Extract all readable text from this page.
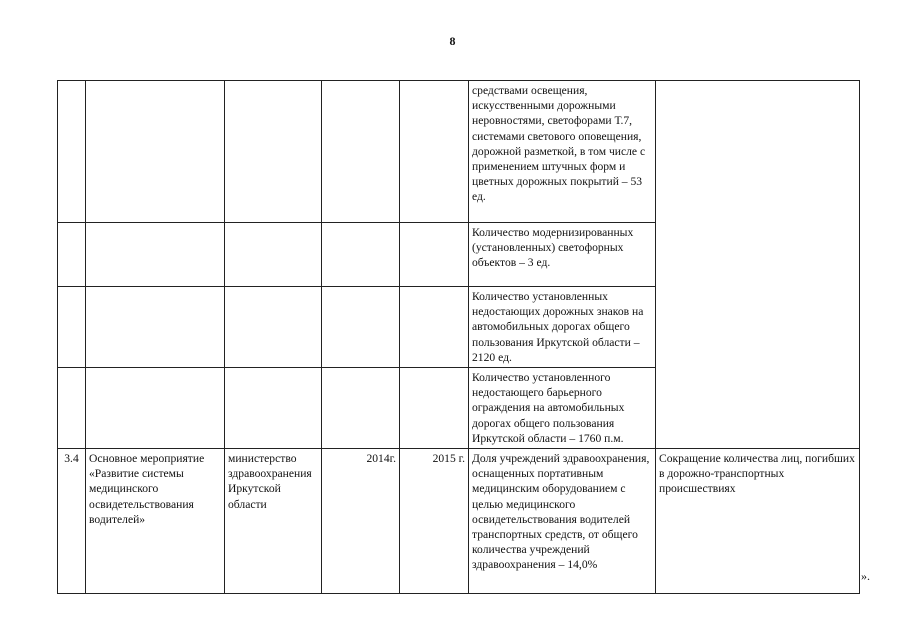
8
					средствами освещения, искусственными дорожными неровностями, светофорами Т.7, системами светового оповещения, дорожной разметкой, в том числе с применением штучных форм и цветных дорожных покрытий – 53 ед.	
					Количество модернизированных (установленных) светофорных объектов – 3 ед.	
					Количество установленных недостающих дорожных знаков на автомобильных дорогах общего пользования Иркутской области – 2120 ед.	
					Количество установленного недостающего барьерного ограждения на автомобильных дорогах общего пользования Иркутской области – 1760 п.м.	
3.4	Основное мероприятие «Развитие системы медицинского освидетельствования водителей»	министерство здравоохранения Иркутской области	2014г.	2015 г.	Доля учреждений здравоохранения, оснащенных портативным медицинским оборудованием с целью медицинского освидетельствования водителей транспортных средств, от общего количества учреждений здравоохранения – 14,0%	Сокращение количества лиц, погибших в дорожно-транспортных происшествиях
».
